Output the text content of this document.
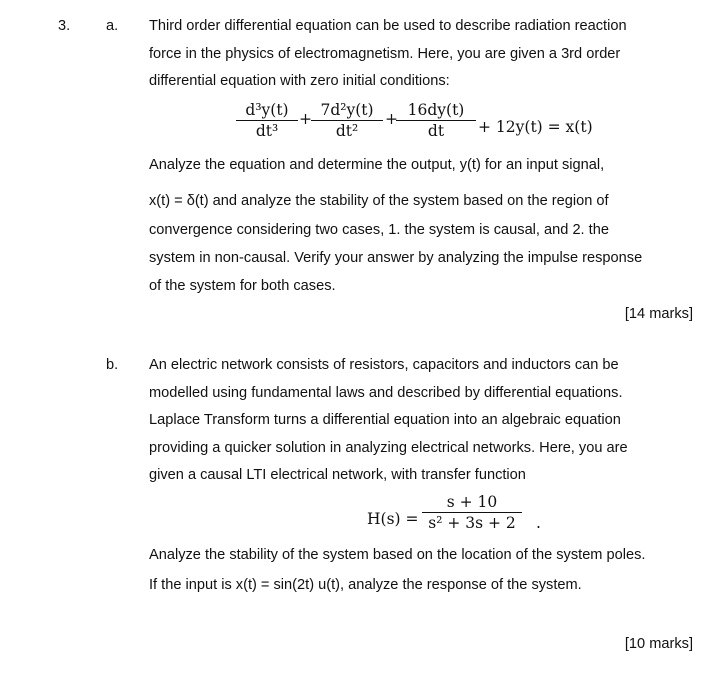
3. a. Third order differential equation can be used to describe radiation reaction
force in the physics of electromagnetism. Here, you are given a 3rd order
differential equation with zero initial conditions:
$\frac{\text{d³y(t)}}{\text{dt³}} + \frac{\text{7d²y(t)}}{\text{dt²}}$ +
$\frac{16dy(t)}{dt} + 12y(t) = x(t)$
Analyze the equation and determine the output, y(t) for an input signal,
x(t) = δ(t) and analyze the stability of the system based on the region of
convergence considering two cases, 1. the system is causal, and 2. the
system in non-causal. Verify your answer by analyzing the impulse response
of the system for both cases.
[14 marks]
b. An electric network consists of resistors, capacitors and inductors can be
modelled using fundamental laws and described by differential equations.
Laplace Transform turns a differential equation into an algebraic equation
providing a quicker solution in analyzing electrical networks. Here, you are
given a causal LTI electrical network, with transfer function
$H(s) = \frac{s + 10}{\text{s² + 3s + 2}}$ .
Analyze the stability of the system based on the location of the system poles.
If the input is x(t) = sin(2t) u(t), analyze the response of the system.
[10 marks]
